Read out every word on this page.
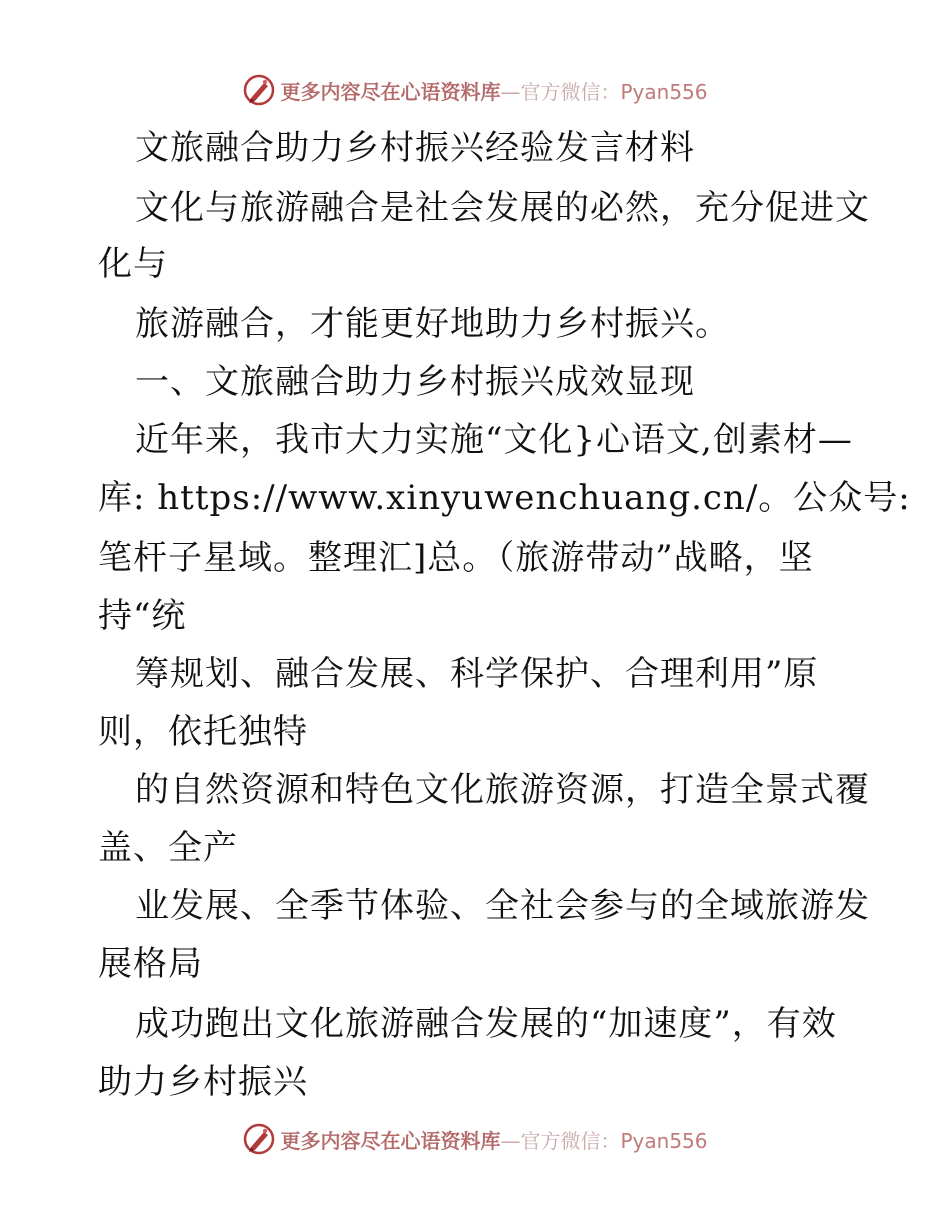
更多内容尽在心语资料库—官方微信：Pyan556
文旅融合助力乡村振兴经验发言材料
文化与旅游融合是社会发展的必然，充分促进文
化与
旅游融合，才能更好地助力乡村振兴。
一、文旅融合助力乡村振兴成效显现
近年来，我市大力实施“文化}心语文,创素材—
库: https://www.xinyuwenchuang.cn/。公众号:
笔杆子星域。整理汇]总。（旅游带动”战略，坚
持“统
筹规划、融合发展、科学保护、合理利用”原
则，依托独特
的自然资源和特色文化旅游资源，打造全景式覆
盖、全产
业发展、全季节体验、全社会参与的全域旅游发
展格局
成功跑出文化旅游融合发展的“加速度”，有效
助力乡村振兴
更多内容尽在心语资料库—官方微信：Pyan556
